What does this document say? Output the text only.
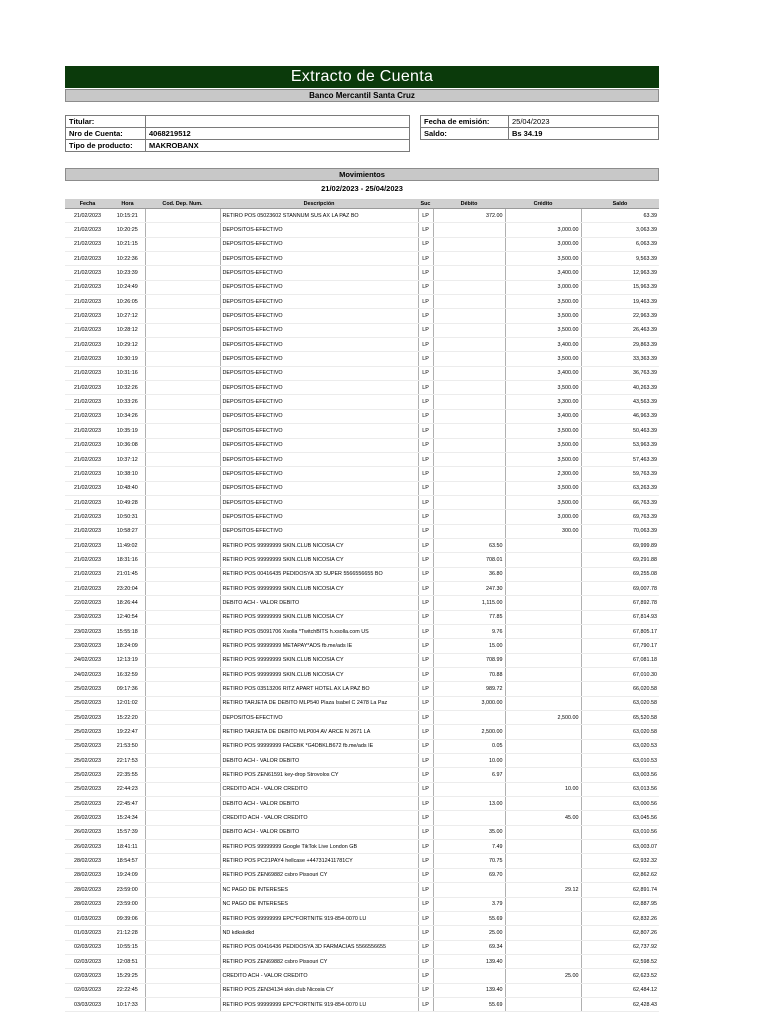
Extracto de Cuenta
Banco Mercantil Santa Cruz
Titular:	
Nro de Cuenta:	4068219512
Tipo de producto:	MAKROBANX
Fecha de emisión:	25/04/2023
Saldo:	Bs 34.19
Movimientos
21/02/2023 - 25/04/2023
Fecha	Hora	Cod. Dep. Num.	Descripción	Suc	Débito	Crédito	Saldo
21/02/2023	10:15:21		RETIRO POS 05023602 STANNUM SUS AX LA PAZ BO	LP	372.00		63.39
21/02/2023	10:20:25		DEPOSITOS-EFECTIVO	LP		3,000.00	3,063.39
21/02/2023	10:21:15		DEPOSITOS-EFECTIVO	LP		3,000.00	6,063.39
21/02/2023	10:22:36		DEPOSITOS-EFECTIVO	LP		3,500.00	9,563.39
21/02/2023	10:23:39		DEPOSITOS-EFECTIVO	LP		3,400.00	12,963.39
21/02/2023	10:24:49		DEPOSITOS-EFECTIVO	LP		3,000.00	15,963.39
21/02/2023	10:26:05		DEPOSITOS-EFECTIVO	LP		3,500.00	19,463.39
21/02/2023	10:27:12		DEPOSITOS-EFECTIVO	LP		3,500.00	22,963.39
21/02/2023	10:28:12		DEPOSITOS-EFECTIVO	LP		3,500.00	26,463.39
21/02/2023	10:29:12		DEPOSITOS-EFECTIVO	LP		3,400.00	29,863.39
21/02/2023	10:30:19		DEPOSITOS-EFECTIVO	LP		3,500.00	33,363.39
21/02/2023	10:31:16		DEPOSITOS-EFECTIVO	LP		3,400.00	36,763.39
21/02/2023	10:32:26		DEPOSITOS-EFECTIVO	LP		3,500.00	40,263.39
21/02/2023	10:33:26		DEPOSITOS-EFECTIVO	LP		3,300.00	43,563.39
21/02/2023	10:34:26		DEPOSITOS-EFECTIVO	LP		3,400.00	46,963.39
21/02/2023	10:35:19		DEPOSITOS-EFECTIVO	LP		3,500.00	50,463.39
21/02/2023	10:36:08		DEPOSITOS-EFECTIVO	LP		3,500.00	53,963.39
21/02/2023	10:37:12		DEPOSITOS-EFECTIVO	LP		3,500.00	57,463.39
21/02/2023	10:38:10		DEPOSITOS-EFECTIVO	LP		2,300.00	59,763.39
21/02/2023	10:48:40		DEPOSITOS-EFECTIVO	LP		3,500.00	63,263.39
21/02/2023	10:49:28		DEPOSITOS-EFECTIVO	LP		3,500.00	66,763.39
21/02/2023	10:50:31		DEPOSITOS-EFECTIVO	LP		3,000.00	69,763.39
21/02/2023	10:58:27		DEPOSITOS-EFECTIVO	LP		300.00	70,063.39
21/02/2023	11:49:02		RETIRO POS 99999999 SKIN.CLUB NICOSIA CY	LP	63.50		69,999.89
21/02/2023	18:31:16		RETIRO POS 99999999 SKIN.CLUB NICOSIA CY	LP	708.01		69,291.88
21/02/2023	21:01:45		RETIRO POS 00416435 PEDIDOSYA 3D SUPER 5566556655 BO	LP	36.80		69,255.08
21/02/2023	23:20:04		RETIRO POS 99999999 SKIN.CLUB NICOSIA CY	LP	247.30		69,007.78
22/02/2023	18:26:44		DEBITO ACH - VALOR DEBITO	LP	1,115.00		67,892.78
23/02/2023	12:40:54		RETIRO POS 99999999 SKIN.CLUB NICOSIA CY	LP	77.85		67,814.93
23/02/2023	15:55:18		RETIRO POS 05091706 Xsolla *TwitchBITS h.xsolla.com US	LP	9.76		67,805.17
23/02/2023	18:24:09		RETIRO POS 99999999 METAPAY*ADS fb.me/ads IE	LP	15.00		67,790.17
24/02/2023	12:13:19		RETIRO POS 99999999 SKIN.CLUB NICOSIA CY	LP	708.99		67,081.18
24/02/2023	16:32:59		RETIRO POS 99999999 SKIN.CLUB NICOSIA CY	LP	70.88		67,010.30
25/02/2023	09:17:36		RETIRO POS 03513206 RITZ APART HOTEL AX LA PAZ BO	LP	989.72		66,020.58
25/02/2023	12:01:02		RETIRO TARJETA DE DEBITO MLP540 Plaza Isabel C 2478 La Paz	LP	3,000.00		63,020.58
25/02/2023	15:22:20		DEPOSITOS-EFECTIVO	LP		2,500.00	65,520.58
25/02/2023	19:22:47		RETIRO TARJETA DE DEBITO MLP004 AV ARCE N 2671 LA	LP	2,500.00		63,020.58
25/02/2023	21:53:50		RETIRO POS 99999999 FACEBK *G4DBKLB672 fb.me/ads IE	LP	0.05		63,020.53
25/02/2023	22:17:53		DEBITO ACH - VALOR DEBITO	LP	10.00		63,010.53
25/02/2023	22:35:55		RETIRO POS ZEN61591 key-drop Strovolos CY	LP	6.97		63,003.56
25/02/2023	22:44:23		CREDITO ACH - VALOR CREDITO	LP		10.00	63,013.56
25/02/2023	22:45:47		DEBITO ACH - VALOR DEBITO	LP	13.00		63,000.56
26/02/2023	15:24:34		CREDITO ACH - VALOR CREDITO	LP		45.00	63,045.56
26/02/2023	15:57:39		DEBITO ACH - VALOR DEBITO	LP	35.00		63,010.56
26/02/2023	18:41:11		RETIRO POS 99999999 Google TikTok Live London GB	LP	7.49		63,003.07
28/02/2023	18:54:57		RETIRO POS PC21PAY4 hellcase +447312411781CY	LP	70.75		62,932.32
28/02/2023	19:24:09		RETIRO POS ZEN69882 csbro Pissouri CY	LP	69.70		62,862.62
28/02/2023	23:59:00		NC PAGO DE INTERESES	LP		29.12	62,891.74
28/02/2023	23:59:00		NC PAGO DE INTERESES	LP	3.79		62,887.95
01/03/2023	09:39:06		RETIRO POS 99999999 EPC*FORTNITE 919-854-0070 LU	LP	55.69		62,832.26
01/03/2023	21:12:28		ND kdkskdkd	LP	25.00		62,807.26
02/03/2023	10:55:15		RETIRO POS 00416436 PEDIDOSYA 3D FARMACIAS 5566556655	LP	69.34		62,737.92
02/03/2023	12:08:51		RETIRO POS ZEN69882 csbro Pissouri CY	LP	139.40		62,598.52
02/03/2023	15:29:25		CREDITO ACH - VALOR CREDITO	LP		25.00	62,623.52
02/03/2023	22:22:45		RETIRO POS ZEN34134 skin.club Nicosia CY	LP	139.40		62,484.12
03/03/2023	10:17:33		RETIRO POS 99999999 EPC*FORTNITE 919-854-0070 LU	LP	55.69		62,428.43
